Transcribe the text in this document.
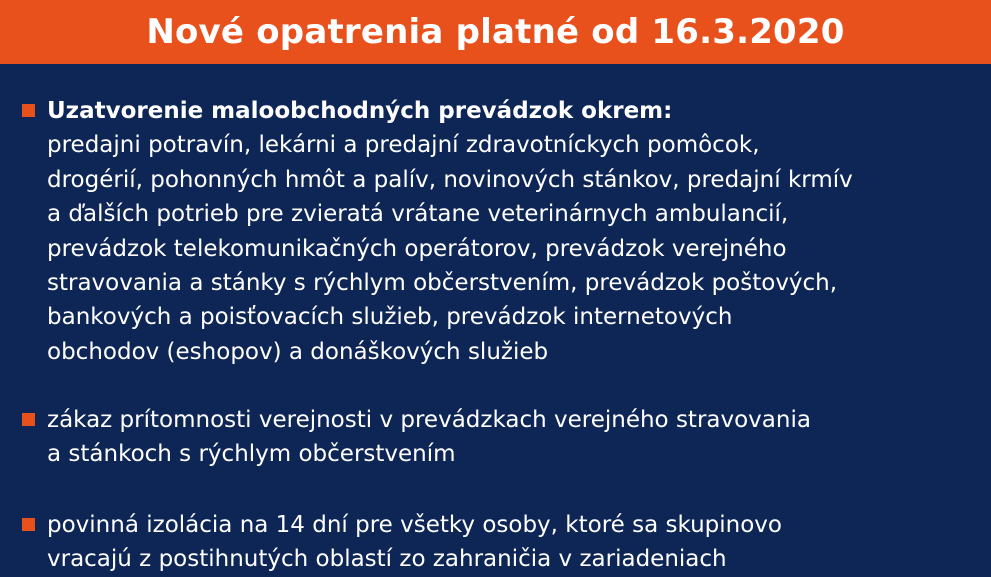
Nové opatrenia platné od 16.3.2020
Uzatvorenie maloobchodných prevádzok okrem:
predajni potravín, lekárni a predajní zdravotníckych pomôcok,
drogérií, pohonných hmôt a palív, novinových stánkov, predajní krmív
a ďalších potrieb pre zvieratá vrátane veterinárnych ambulancií,
prevádzok telekomunikačných operátorov, prevádzok verejného
stravovania a stánky s rýchlym občerstvením, prevádzok poštových,
bankových a poisťovacích služieb, prevádzok internetových
obchodov (eshopov) a donáškových služieb
zákaz prítomnosti verejnosti v prevádzkach verejného stravovania
a stánkoch s rýchlym občerstvením
povinná izolácia na 14 dní pre všetky osoby, ktoré sa skupinovo
vracajú z postihnutých oblastí zo zahraničia v zariadeniach
